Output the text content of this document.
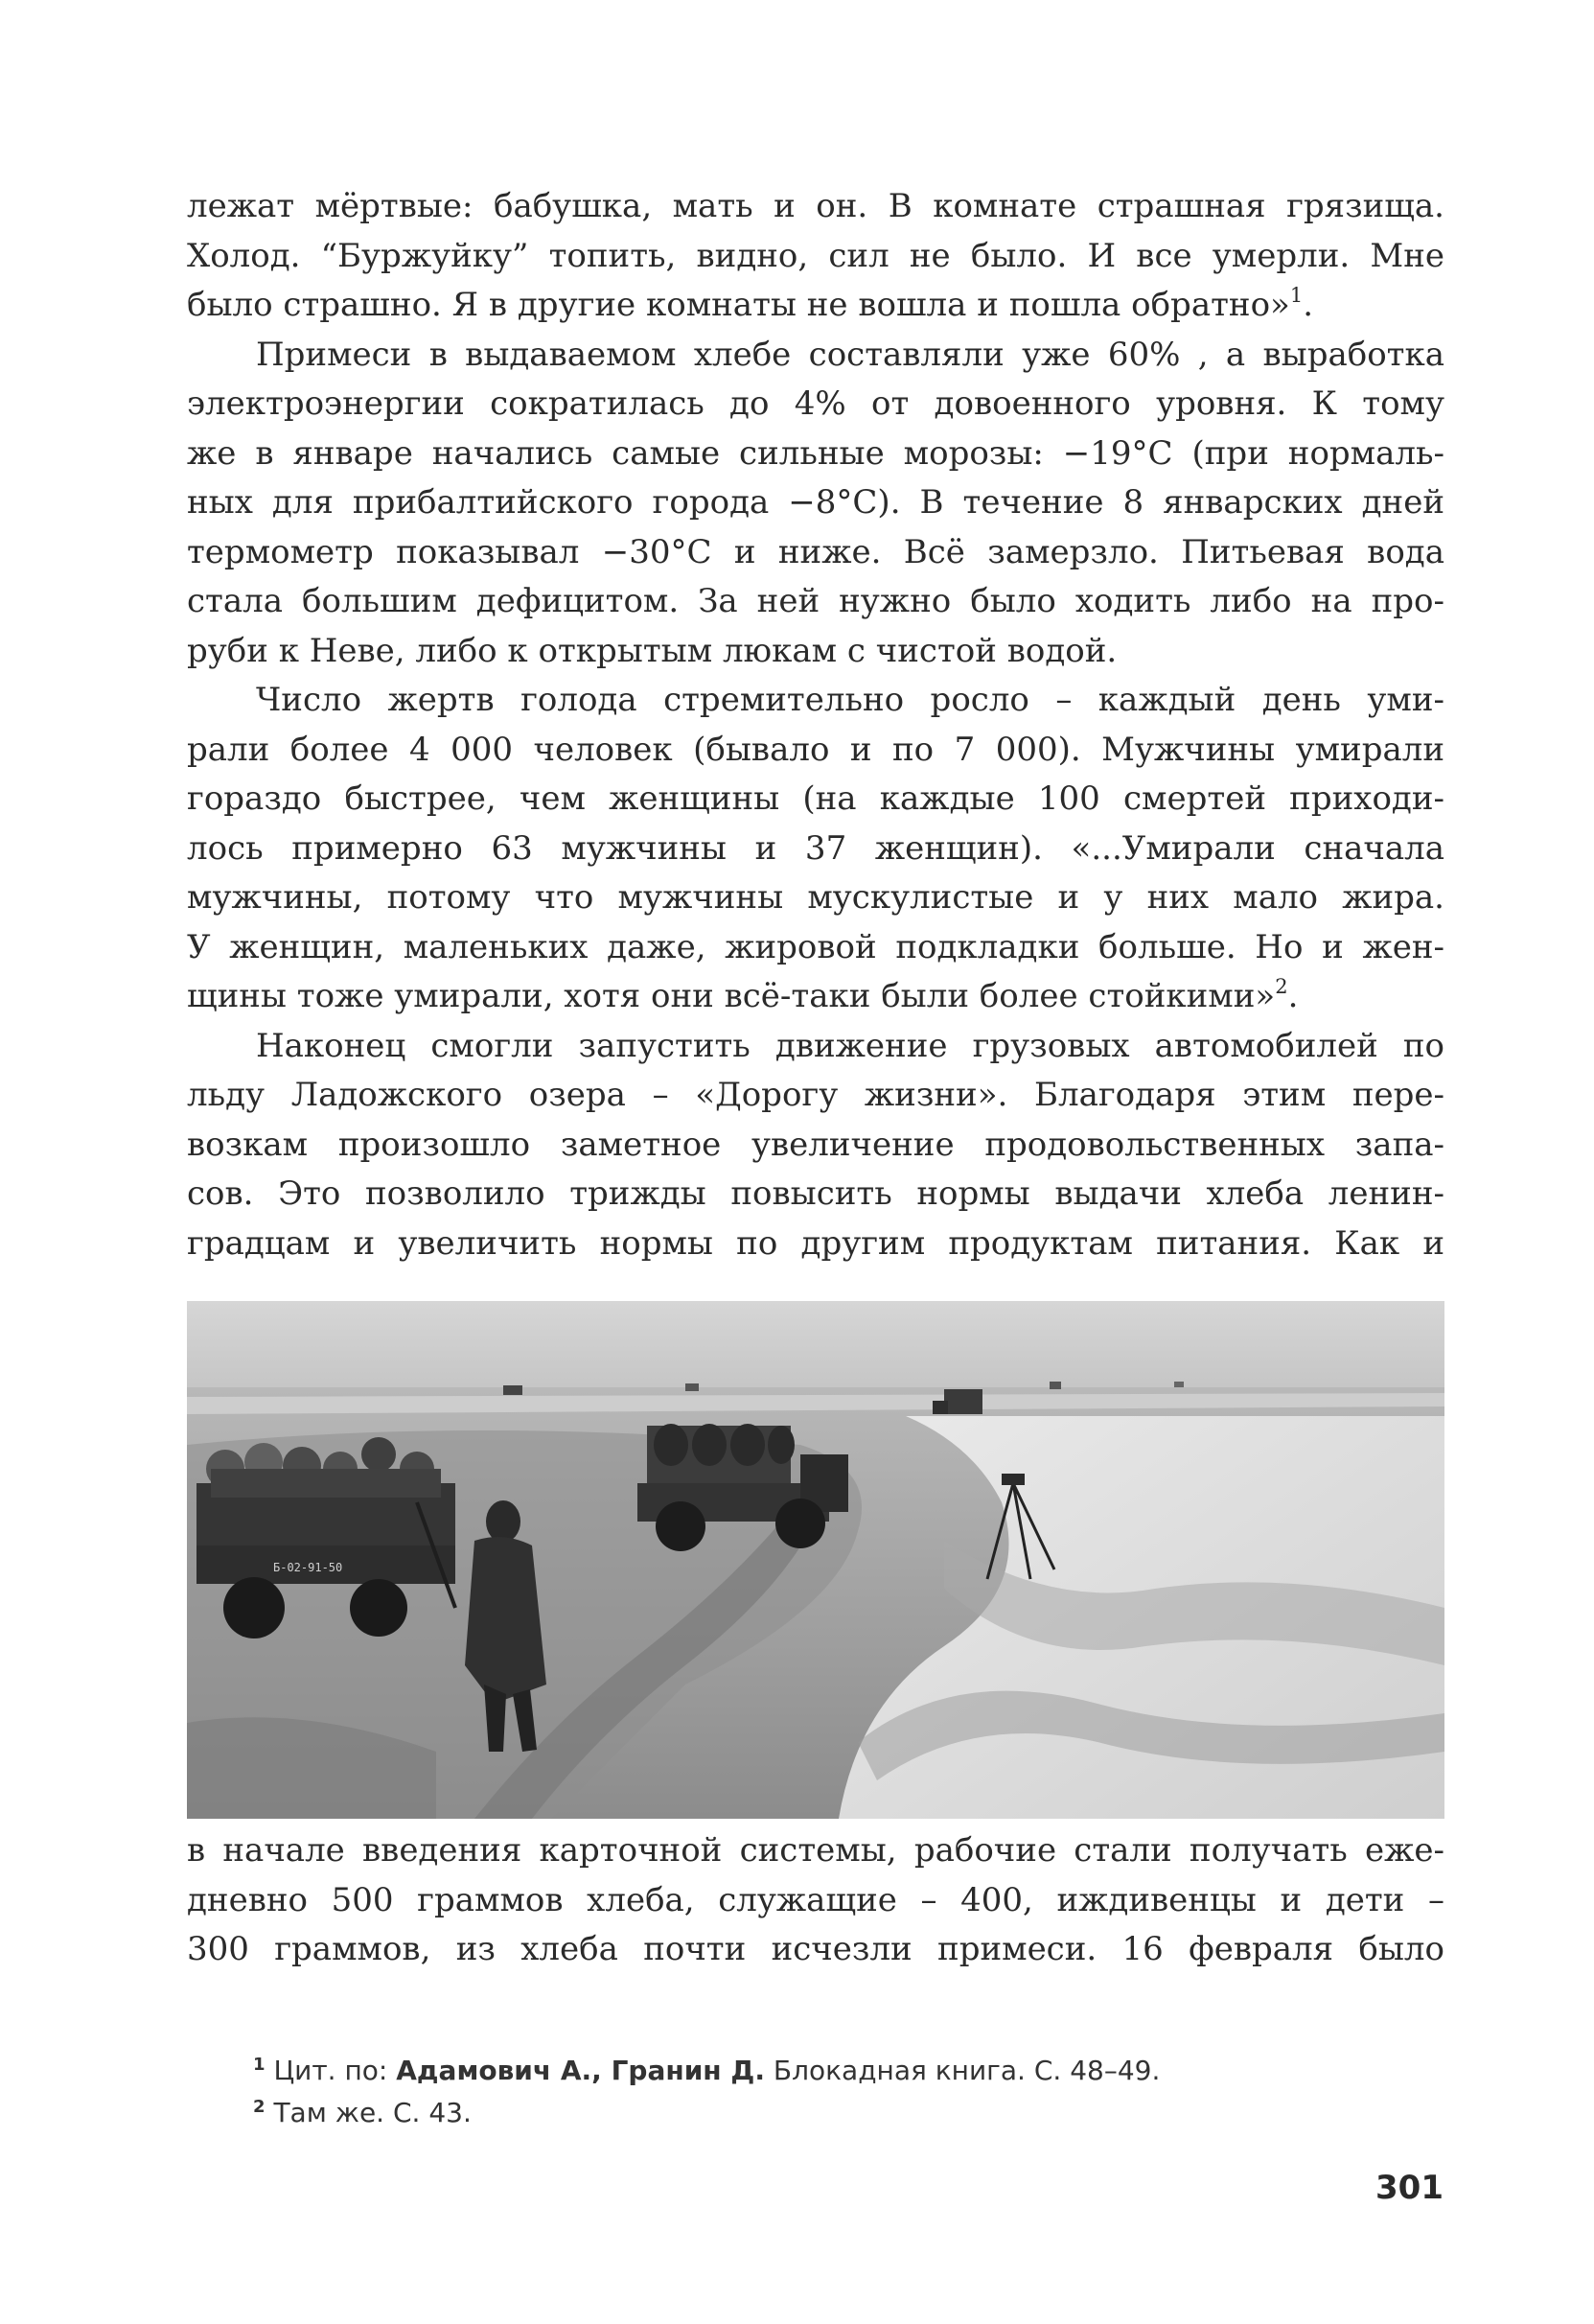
лежат мёртвые: бабушка, мать и он. В комнате страшная грязища.
Холод. “Буржуйку” топить, видно, сил не было. И все умерли. Мне
было страшно. Я в другие комнаты не вошла и пошла обратно»$^1$.
Примеси в выдаваемом хлебе составляли уже 60% , а выработка
электроэнергии сократилась до 4% от довоенного уровня. К тому
же в январе начались самые сильные морозы: −19°С (при нормаль-
ных для прибалтийского города −8°С). В течение 8 январских дней
термометр показывал −30°С и ниже. Всё замерзло. Питьевая вода
стала большим дефицитом. За ней нужно было ходить либо на про-
руби к Неве, либо к открытым люкам с чистой водой.
Число жертв голода стремительно росло – каждый день уми-
рали более 4 000 человек (бывало и по 7 000). Мужчины умирали
гораздо быстрее, чем женщины (на каждые 100 смертей приходи-
лось примерно 63 мужчины и 37 женщин). «...Умирали сначала
мужчины, потому что мужчины мускулистые и у них мало жира.
У женщин, маленьких даже, жировой подкладки больше. Но и жен-
щины тоже умирали, хотя они всё-таки были более стойкими»$^2$.
Наконец смогли запустить движение грузовых автомобилей по
льду Ладожского озера – «Дорогу жизни». Благодаря этим пере-
возкам произошло заметное увеличение продовольственных запа-
сов. Это позволило трижды повысить нормы выдачи хлеба ленин-
градцам и увеличить нормы по другим продуктам питания. Как и
Б-02-91-50
в начале введения карточной системы, рабочие стали получать еже-
дневно 500 граммов хлеба, служащие – 400, иждивенцы и дети –
300 граммов, из хлеба почти исчезли примеси. 16 февраля было
$^1$ Цит. по: Адамович А., Гранин Д. Блокадная книга. С. 48–49.
$^2$ Там же. С. 43.
301
